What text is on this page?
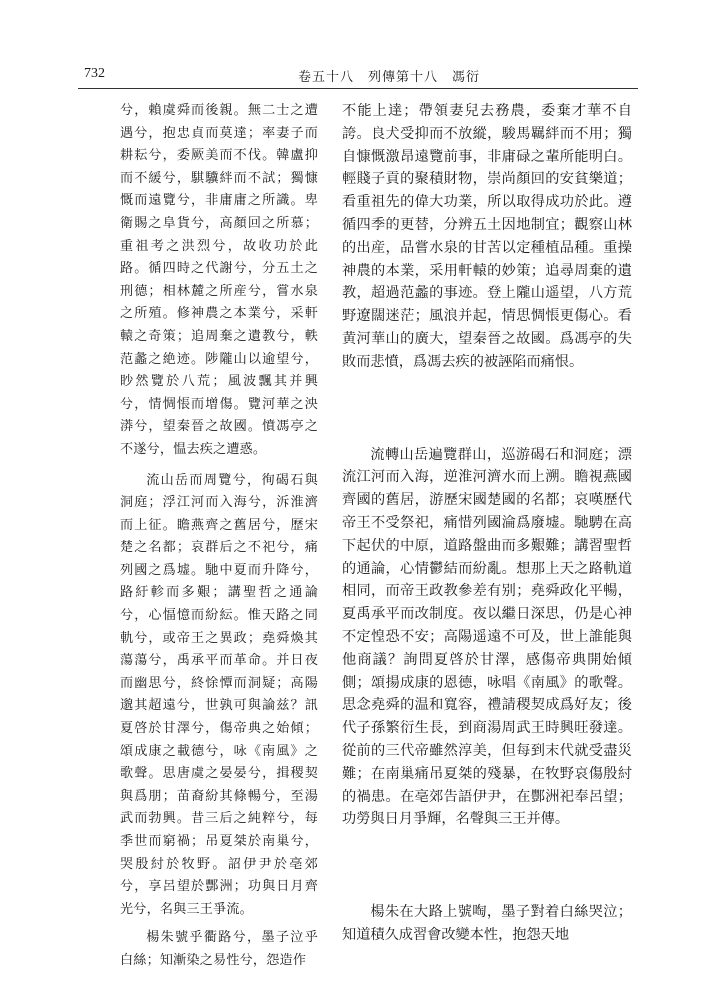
732	卷五十八　列傳第十八　馮衍

兮，賴虞舜而後親。無二士之遭遇兮，抱忠貞而莫達；率妻子而耕耘兮，委厥美而不伐。韓盧抑而不緩兮，騏驥絆而不試；獨慷慨而遠覽兮，非庸庸之所識。卑衛賜之阜貨兮，高顏回之所慕；重祖考之洪烈兮，故收功於此路。循四時之代謝兮，分五土之刑德；相林麓之所産兮，嘗水泉之所殖。修神農之本業兮，采軒轅之奇策；追周棄之遺教兮，軼范蠡之絶迹。陟隴山以逾望兮，眇然覽於八荒；風波飄其并興兮，情惆悵而增傷。覽河華之泱漭兮，望秦晉之故國。憤馮亭之不遂兮，愠去疾之遭惑。

流山岳而周覽兮，徇碣石與洞庭；浮江河而入海兮，泝淮濟而上征。瞻燕齊之舊居兮，歷宋楚之名都；哀群后之不祀兮，痛列國之爲墟。馳中夏而升降兮，路紆軫而多艱；講聖哲之通論兮，心愊憶而紛紜。惟天路之同軌兮，或帝王之異政；堯舜煥其蕩蕩兮，禹承平而革命。并日夜而幽思兮，終悇憛而洞疑；高陽邈其超遠兮，世孰可與論兹？訊夏啓於甘澤兮，傷帝典之始傾；頌成康之載德兮，咏《南風》之歌聲。思唐虞之晏晏兮，揖稷契與爲朋；苗裔紛其條暢兮，至湯武而勃興。昔三后之純粹兮，每季世而窮禍；吊夏桀於南巢兮，哭殷紂於牧野。詔伊尹於亳郊兮，享呂望於酆洲；功與日月齊光兮，名與三王爭流。

楊朱號乎衢路兮，墨子泣乎白絲；知漸染之易性兮，怨造作

不能上達；帶領妻兒去務農，委棄才華不自誇。良犬受抑而不放縱，駿馬羈絆而不用；獨自慷慨激昂遠覽前事，非庸碌之輩所能明白。輕賤子貢的聚積財物，崇尚顏回的安貧樂道；看重祖先的偉大功業，所以取得成功於此。遵循四季的更替，分辨五土因地制宜；觀察山林的出産，品嘗水泉的甘苦以定種植品種。重操神農的本業，采用軒轅的妙策；追尋周棄的遺教，超過范蠡的事迹。登上隴山遥望，八方荒野遼闊迷茫；風浪并起，情思惆悵更傷心。看黄河華山的廣大，望秦晉之故國。爲馮亭的失敗而悲憤，爲馮去疾的被誣陷而痛恨。

流轉山岳遍覽群山，巡游碣石和洞庭；漂流江河而入海，逆淮河濟水而上溯。瞻視燕國齊國的舊居，游歷宋國楚國的名都；哀嘆歷代帝王不受祭祀，痛惜列國淪爲廢墟。馳騁在高下起伏的中原，道路盤曲而多艱難；講習聖哲的通論，心情鬱結而紛亂。想那上天之路軌道相同，而帝王政教參差有别；堯舜政化平暢，夏禹承平而改制度。夜以繼日深思，仍是心神不定惶恐不安；高陽遥遠不可及，世上誰能與他商議？詢問夏啓於甘澤，感傷帝典開始傾側；頌揚成康的恩德，咏唱《南風》的歌聲。思念堯舜的温和寬容，禮請稷契成爲好友；後代子孫繁衍生長，到商湯周武王時興旺發達。從前的三代帝雖然淳美，但每到末代就受盡災難；在南巢痛吊夏桀的殘暴，在牧野哀傷殷紂的禍患。在亳郊告語伊尹，在酆洲祀奉呂望；功勞與日月爭輝，名聲與三王并傳。

楊朱在大路上號啕，墨子對着白絲哭泣；知道積久成習會改變本性，抱怨天地
